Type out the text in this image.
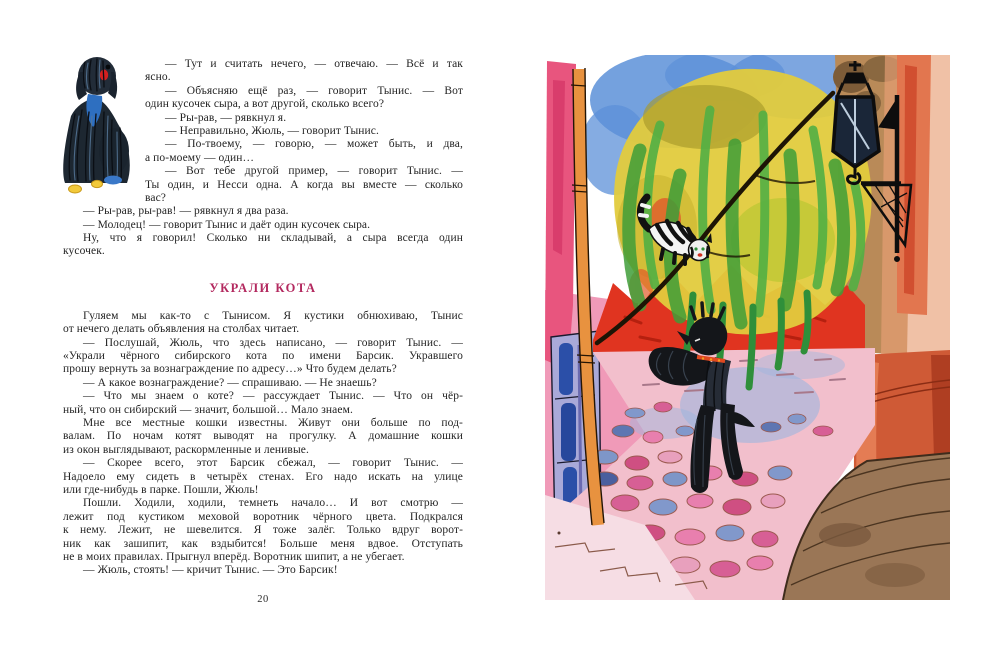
— Тут и считать нечего, — отвечаю. — Всё и так
ясно.
— Объясняю ещё раз, — говорит Тынис. — Вот
один кусочек сыра, а вот другой, сколько всего?
— Ры-рав, — рявкнул я.
— Неправильно, Жюль, — говорит Тынис.
— По-твоему, — говорю, — может быть, и два,
а по-моему — один…
— Вот тебе другой пример, — говорит Тынис. —
Ты один, и Несси одна. А когда вы вместе — сколько
вас?
— Ры-рав, ры-рав! — рявкнул я два раза.
— Молодец! — говорит Тынис и даёт один кусочек сыра.
Ну, что я говорил! Сколько ни складывай, а сыра всегда один
кусочек.
УКРАЛИ КОТА
Гуляем мы как-то с Тынисом. Я кустики обнюхиваю, Тынис
от нечего делать объявления на столбах читает.
— Послушай, Жюль, что здесь написано, — говорит Тынис. —
«Украли чёрного сибирского кота по имени Барсик. Укравшего
прошу вернуть за вознаграждение по адресу…» Что будем делать?
— А какое вознаграждение? — спрашиваю. — Не знаешь?
— Что мы знаем о коте? — рассуждает Тынис. — Что он чёр-
ный, что он сибирский — значит, большой… Мало знаем.
Мне все местные кошки известны. Живут они больше по под-
валам. По ночам котят выводят на прогулку. А домашние кошки
из окон выглядывают, раскормленные и ленивые.
— Скорее всего, этот Барсик сбежал, — говорит Тынис. —
Надоело ему сидеть в четырёх стенах. Его надо искать на улице
или где-нибудь в парке. Пошли, Жюль!
Пошли. Ходили, ходили, темнеть начало… И вот смотрю —
лежит под кустиком меховой воротник чёрного цвета. Подкрался
к нему. Лежит, не шевелится. Я тоже залёг. Только вдруг ворот-
ник как зашипит, как вздыбится! Больше меня вдвое. Отступать
не в моих правилах. Прыгнул вперёд. Воротник шипит, а не убегает.
— Жюль, стоять! — кричит Тынис. — Это Барсик!
20
